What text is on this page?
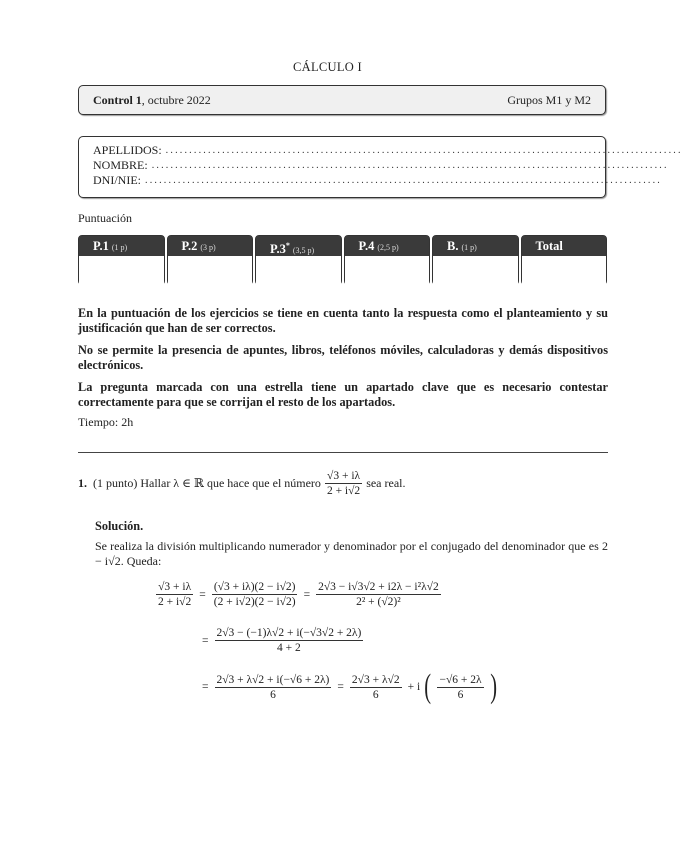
CÁLCULO I
Control 1, octubre 2022	Grupos M1 y M2
APELLIDOS: ..............................................................................................................
NOMBRE: ..............................................................................................................
DNI/NIE: ..............................................................................................................
Puntuación
P.1 (1 p)	P.2 (3 p)	P.3*(3,5 p)	P.4 (2,5 p)	B. (1 p)	Total

En la puntuación de los ejercicios se tiene en cuenta tanto la respuesta como el planteamiento y su justificación que han de ser correctos.

No se permite la presencia de apuntes, libros, teléfonos móviles, calculadoras y demás dispositivos electrónicos.

La pregunta marcada con una estrella tiene un apartado clave que es necesario contestar correctamente para que se corrijan el resto de los apartados.

Tiempo: 2h
1. (1 punto) Hallar λ ∈ ℝ que hace que el número $\frac{√3 + i\lambda}{2 + i√2}$ sea real.
Solución.
Se realiza la división multiplicando numerador y denominador por el conjugado del denominador que es 2 − i√2. Queda:
$\frac{√3 + i\lambda}{2 + i√2} = \frac{(√3 + i\lambda)(2 - i√2)}{(2 + i√2)(2 - i√2)} = \frac{\text{2√3 − i√3√2 + i2λ − i²λ√2}}{\text{2² + (√2)²}}$
= $\frac{2√3 - (-1)\lambda√2 + i(-√3√2 + 2\lambda)}{4 + 2}$
= $\frac{2√3 + \lambda√2 + i(-√6 + 2\lambda)}{6} = \frac{2√3 + \lambda√2}{6} + i$ ( $\frac{-√6 + 2\lambda}{6}$ )
